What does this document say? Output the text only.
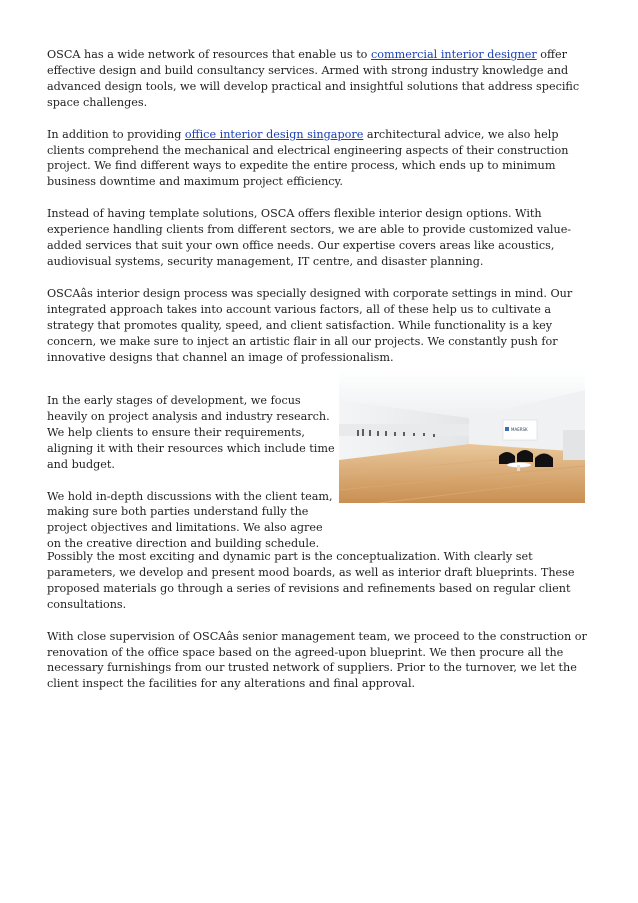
OSCA has a wide network of resources that enable us to commercial interior designer offer effective design and build consultancy services. Armed with strong industry knowledge and advanced design tools, we will develop practical and insightful solutions that address specific space challenges.

In addition to providing office interior design singapore architectural advice, we also help clients comprehend the mechanical and electrical engineering aspects of their construction project. We find different ways to expedite the entire process, which ends up to minimum business downtime and maximum project efficiency.

Instead of having template solutions, OSCA offers flexible interior design options. With experience handling clients from different sectors, we are able to provide customized value-added services that suit your own office needs. Our expertise covers areas like acoustics, audiovisual systems, security management, IT centre, and disaster planning.

OSCAâs interior design process was specially designed with corporate settings in mind. Our integrated approach takes into account various factors, all of these help us to cultivate a strategy that promotes quality, speed, and client satisfaction. While functionality is a key concern, we make sure to inject an artistic flair in all our projects. We constantly push for innovative designs that channel an image of professionalism.

MAERSK

In the early stages of development, we focus heavily on project analysis and industry research. We help clients to ensure their requirements, aligning it with their resources which include time and budget.

We hold in-depth discussions with the client team, making sure both parties understand fully the project objectives and limitations. We also agree on the creative direction and building schedule.

Possibly the most exciting and dynamic part is the conceptualization. With clearly set parameters, we develop and present mood boards, as well as interior draft blueprints. These proposed materials go through a series of revisions and refinements based on regular client consultations.

With close supervision of OSCAâs senior management team, we proceed to the construction or renovation of the office space based on the agreed-upon blueprint. We then procure all the necessary furnishings from our trusted network of suppliers. Prior to the turnover, we let the client inspect the facilities for any alterations and final approval.
